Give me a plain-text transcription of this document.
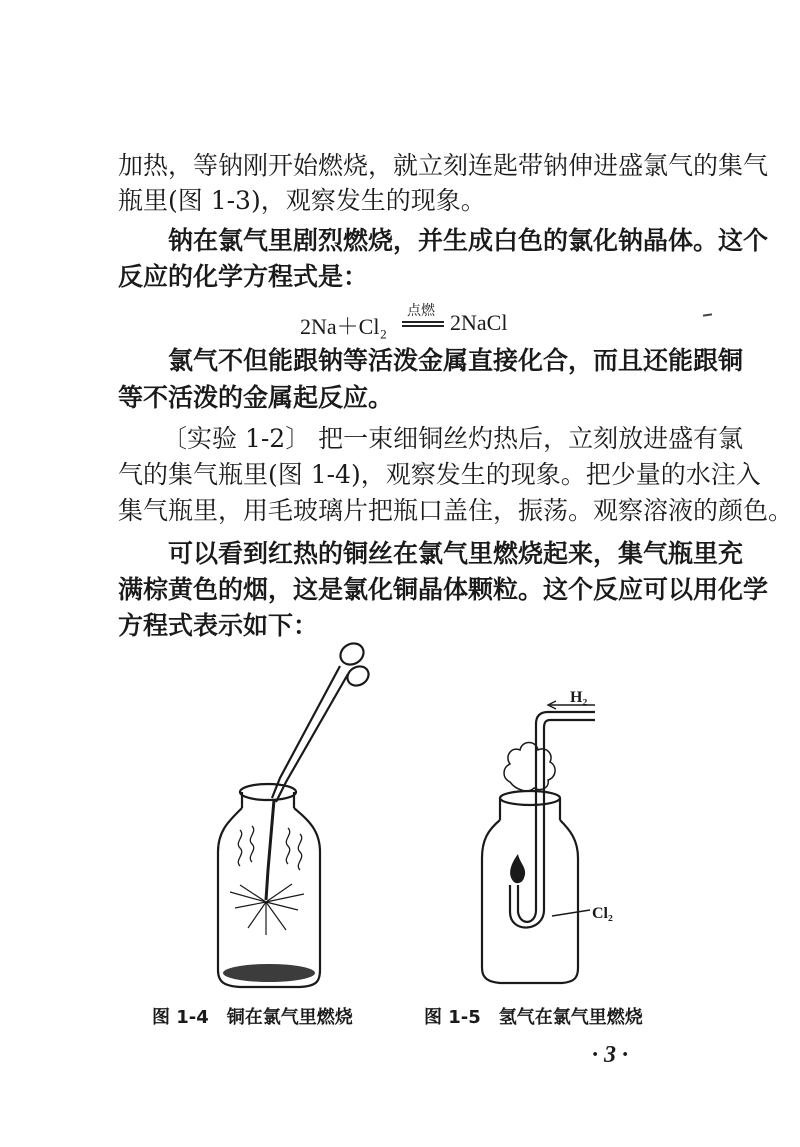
加热，等钠刚开始燃烧，就立刻连匙带钠伸进盛氯气的集气
瓶里(图 1-3)，观察发生的现象。
钠在氯气里剧烈燃烧，并生成白色的氯化钠晶体。这个
反应的化学方程式是：
2Na＋Cl₂
点燃 2NaCl
氯气不但能跟钠等活泼金属直接化合，而且还能跟铜
等不活泼的金属起反应。
〔实验 1-2〕 把一束细铜丝灼热后，立刻放进盛有氯
气的集气瓶里(图 1-4)，观察发生的现象。把少量的水注入
集气瓶里，用毛玻璃片把瓶口盖住，振荡。观察溶液的颜色。
可以看到红热的铜丝在氯气里燃烧起来，集气瓶里充
满棕黄色的烟，这是氯化铜晶体颗粒。这个反应可以用化学
方程式表示如下：
H₂
Cl₂
图 1-4　铜在氯气里燃烧	图 1-5　氢气在氯气里燃烧
· 3 ·
